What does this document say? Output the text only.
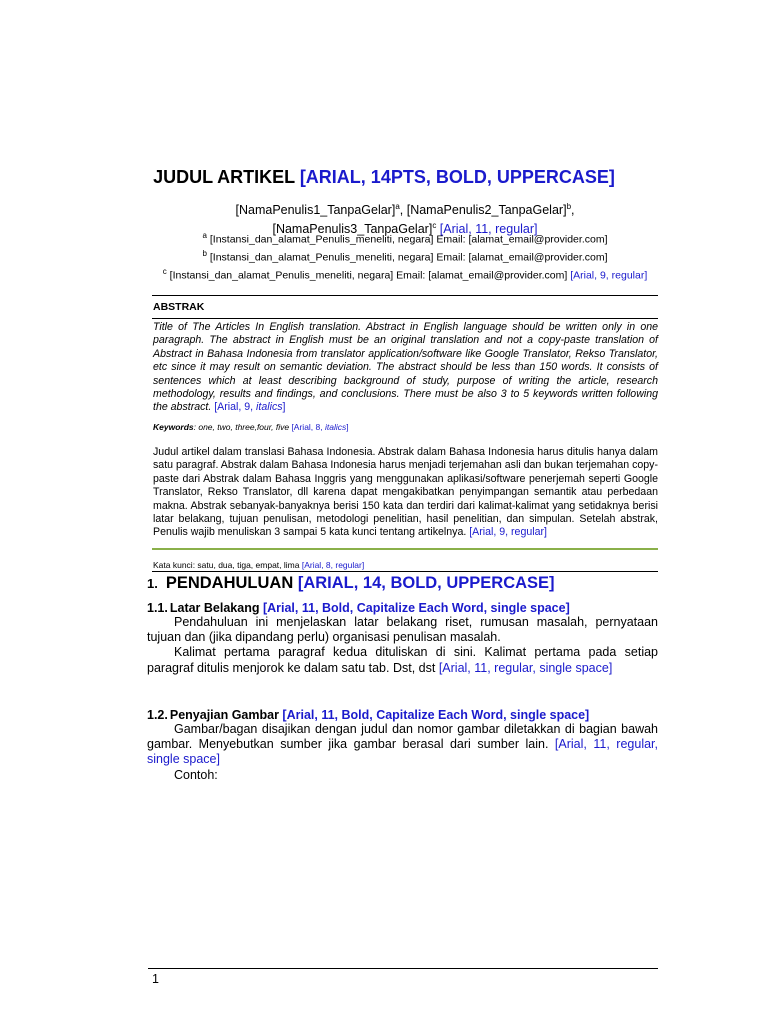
JUDUL ARTIKEL [ARIAL, 14PTS, BOLD, UPPERCASE]
[NamaPenulis1_TanpaGelar]$^a$, [NamaPenulis2_TanpaGelar]$^b$,
[NamaPenulis3_TanpaGelar]$^c$ [Arial, 11, regular]
$^a$ [Instansi_dan_alamat_Penulis_meneliti, negara] Email: [alamat_email@provider.com]
$^b$ [Instansi_dan_alamat_Penulis_meneliti, negara] Email: [alamat_email@provider.com]
$^c$ [Instansi_dan_alamat_Penulis_meneliti, negara] Email: [alamat_email@provider.com] [Arial, 9, regular]
ABSTRAK
Title of The Articles In English translation. Abstract in English language should be written only in one paragraph. The abstract in English must be an original translation and not a copy-paste translation of Abstract in Bahasa Indonesia from translator application/software like Google Translator, Rekso Translator, etc since it may result on semantic deviation. The abstract should be less than 150 words. It consists of sentences which at least describing background of study, purpose of writing the article, research methodology, results and findings, and conclusions. There must be also 3 to 5 keywords written following the abstract. [Arial, 9, italics]
Keywords: one, two, three,four, five [Arial, 8, italics]
Judul artikel dalam translasi Bahasa Indonesia. Abstrak dalam Bahasa Indonesia harus ditulis hanya dalam satu paragraf. Abstrak dalam Bahasa Indonesia harus menjadi terjemahan asli dan bukan terjemahan copy-paste dari Abstrak dalam Bahasa Inggris yang menggunakan aplikasi/software penerjemah seperti Google Translator, Rekso Translator, dll karena dapat mengakibatkan penyimpangan semantik atau perbedaan makna. Abstrak sebanyak-banyaknya berisi 150 kata dan terdiri dari kalimat-kalimat yang setidaknya berisi latar belakang, tujuan penulisan, metodologi penelitian, hasil penelitian, dan simpulan. Setelah abstrak, Penulis wajib menuliskan 3 sampai 5 kata kunci tentang artikelnya. [Arial, 9, regular]
Kata kunci: satu, dua, tiga, empat, lima [Arial, 8, regular]
1. PENDAHULUAN [ARIAL, 14, BOLD, UPPERCASE]
1.1. Latar Belakang [Arial, 11, Bold, Capitalize Each Word, single space]

Pendahuluan ini menjelaskan latar belakang riset, rumusan masalah, pernyataan tujuan dan (jika dipandang perlu) organisasi penulisan masalah.

Kalimat pertama paragraf kedua dituliskan di sini. Kalimat pertama pada setiap paragraf ditulis menjorok ke dalam satu tab. Dst, dst [Arial, 11, regular, single space]

1.2. Penyajian Gambar [Arial, 11, Bold, Capitalize Each Word, single space]

Gambar/bagan disajikan dengan judul dan nomor gambar diletakkan di bagian bawah gambar. Menyebutkan sumber jika gambar berasal dari sumber lain. [Arial, 11, regular, single space]

Contoh:

1
